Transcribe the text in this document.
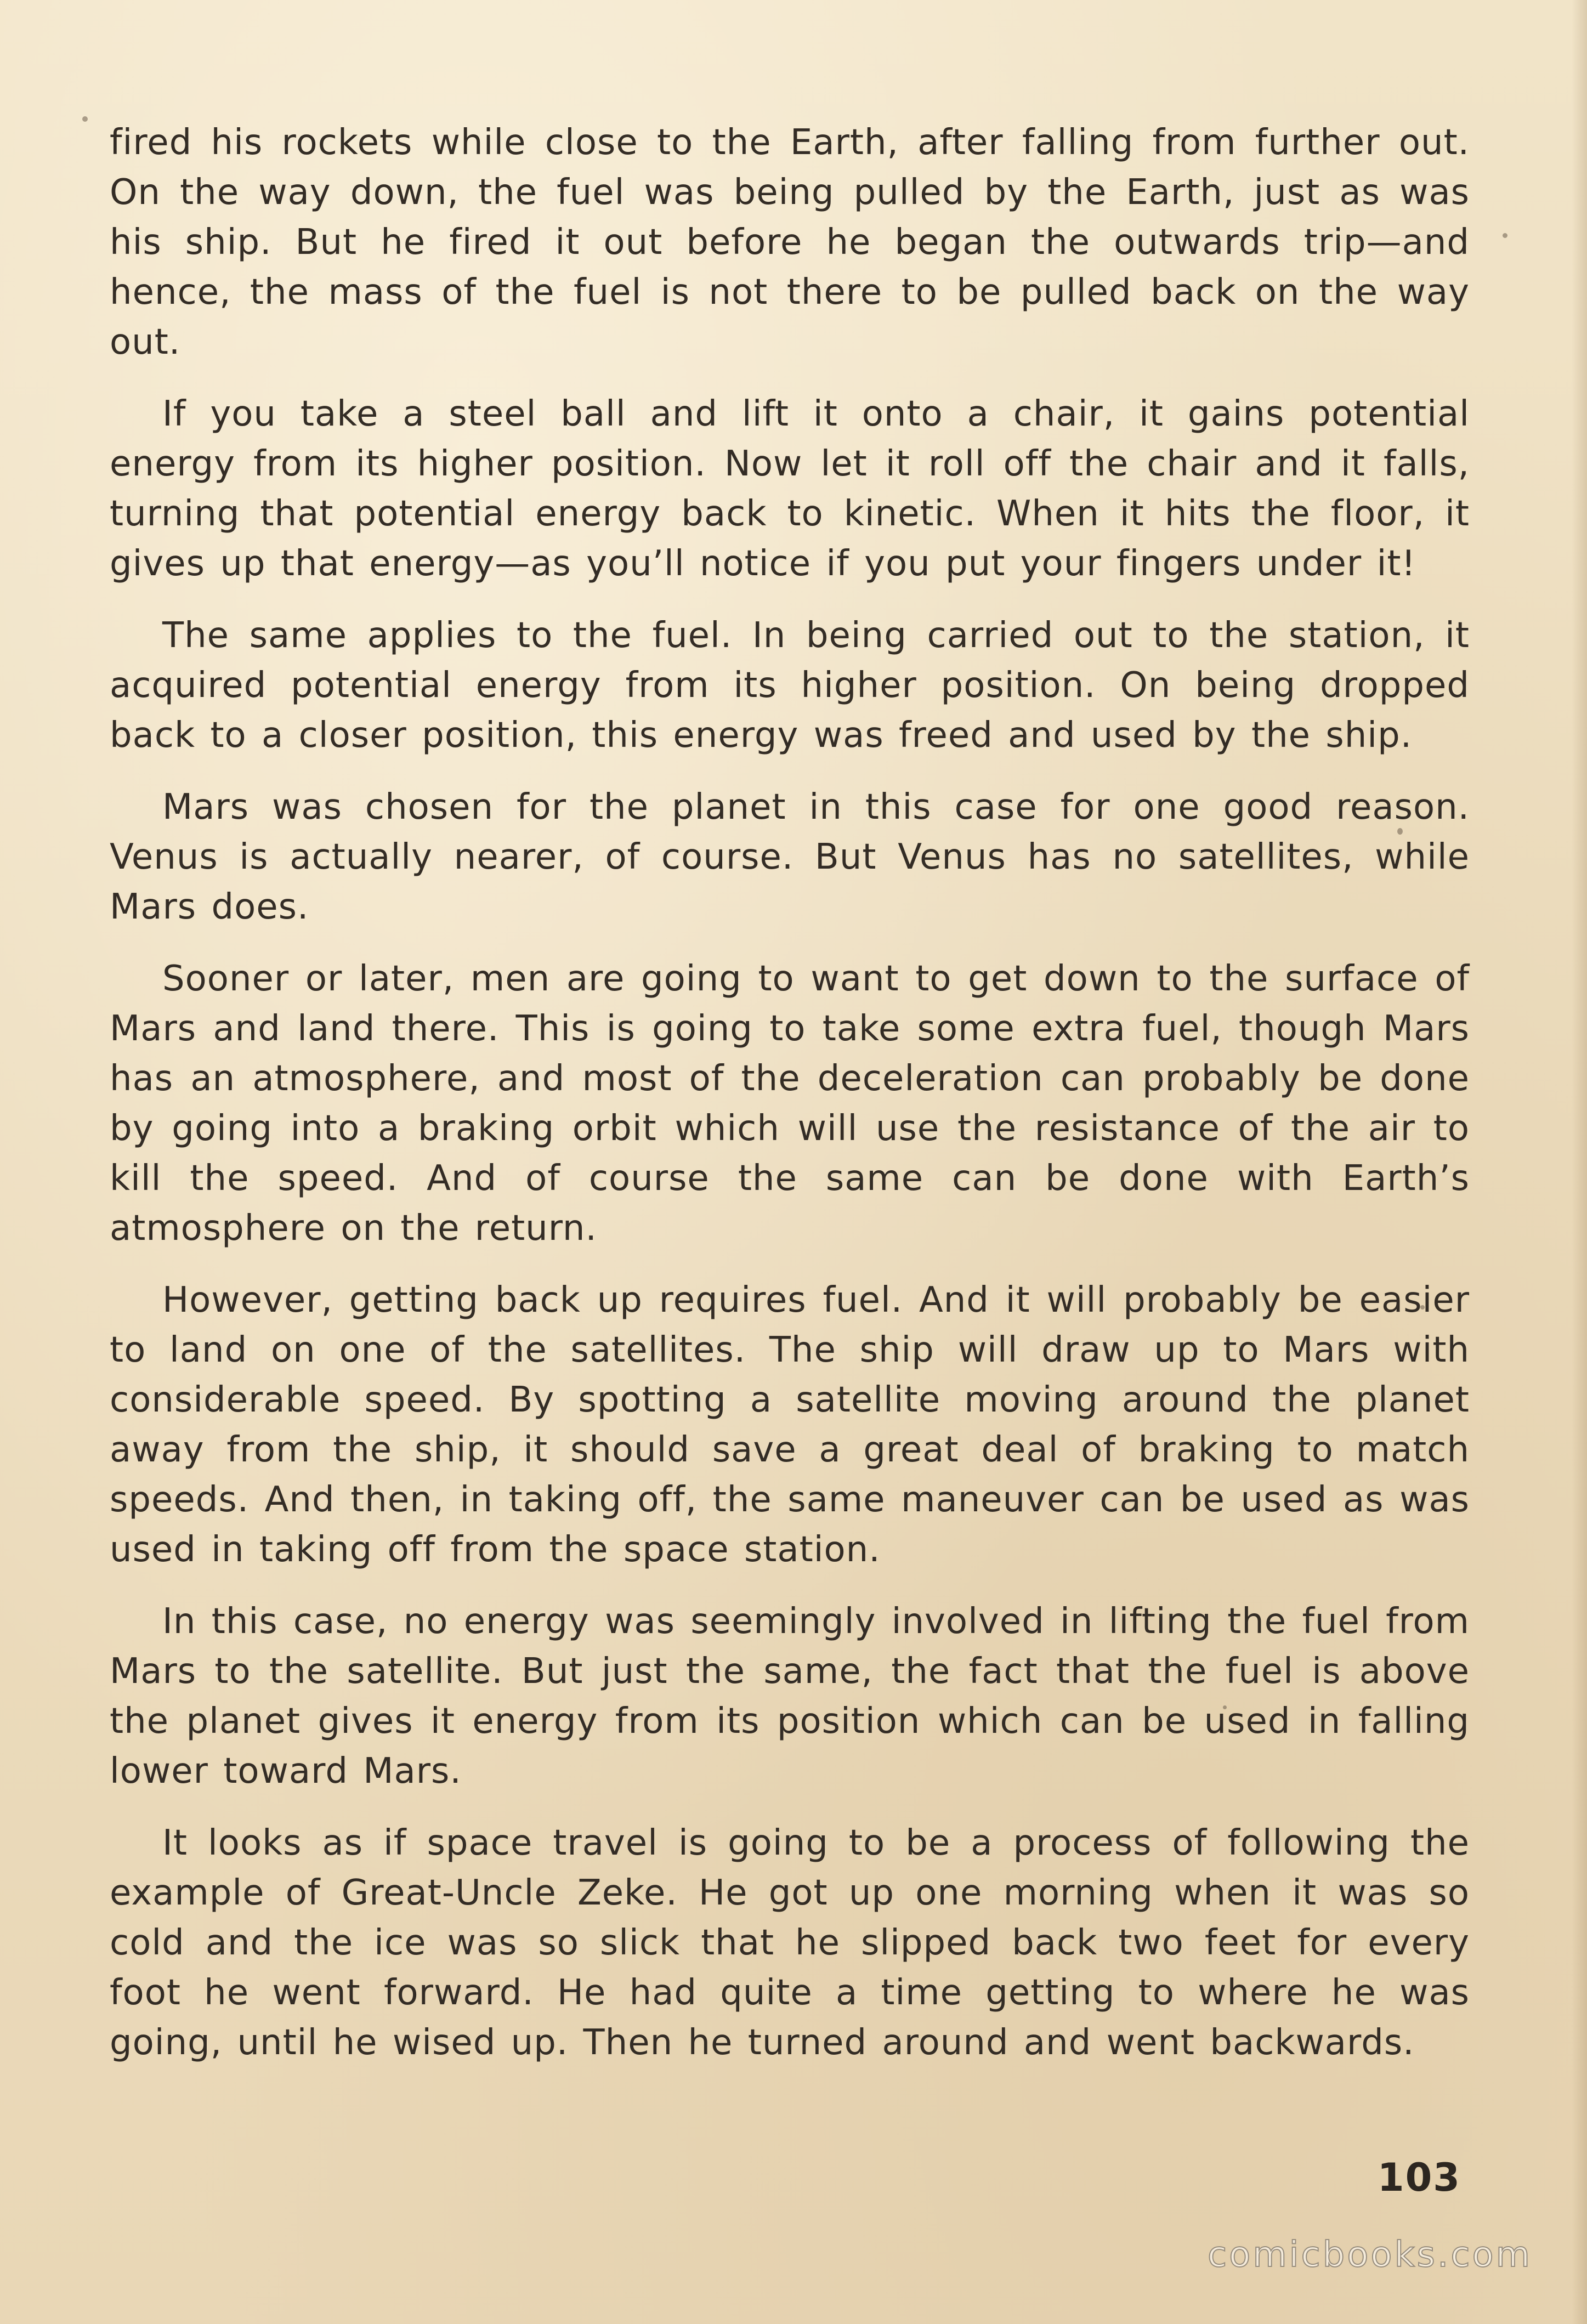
fired his rockets while close to the Earth, after falling from further out. On the way down, the fuel was being pulled by the Earth, just as was his ship. But he fired it out before he began the outwards trip—and hence, the mass of the fuel is not there to be pulled back on the way out.

If you take a steel ball and lift it onto a chair, it gains potential energy from its higher position. Now let it roll off the chair and it falls, turning that potential energy back to kinetic. When it hits the floor, it gives up that energy—as you’ll notice if you put your fingers under it!

The same applies to the fuel. In being carried out to the station, it acquired potential energy from its higher position. On being dropped back to a closer position, this energy was freed and used by the ship.

Mars was chosen for the planet in this case for one good reason. Venus is actually nearer, of course. But Venus has no satellites, while Mars does.

Sooner or later, men are going to want to get down to the surface of Mars and land there. This is going to take some extra fuel, though Mars has an atmosphere, and most of the deceleration can probably be done by going into a braking orbit which will use the resistance of the air to kill the speed. And of course the same can be done with Earth’s atmosphere on the return.

However, getting back up requires fuel. And it will probably be easier to land on one of the satellites. The ship will draw up to Mars with considerable speed. By spotting a satellite moving around the planet away from the ship, it should save a great deal of braking to match speeds. And then, in taking off, the same maneuver can be used as was used in taking off from the space station.

In this case, no energy was seemingly involved in lifting the fuel from Mars to the satellite. But just the same, the fact that the fuel is above the planet gives it energy from its position which can be used in falling lower toward Mars.

It looks as if space travel is going to be a process of following the example of Great-Uncle Zeke. He got up one morning when it was so cold and the ice was so slick that he slipped back two feet for every foot he went forward. He had quite a time getting to where he was going, until he wised up. Then he turned around and went backwards.

103
comicbooks.com
